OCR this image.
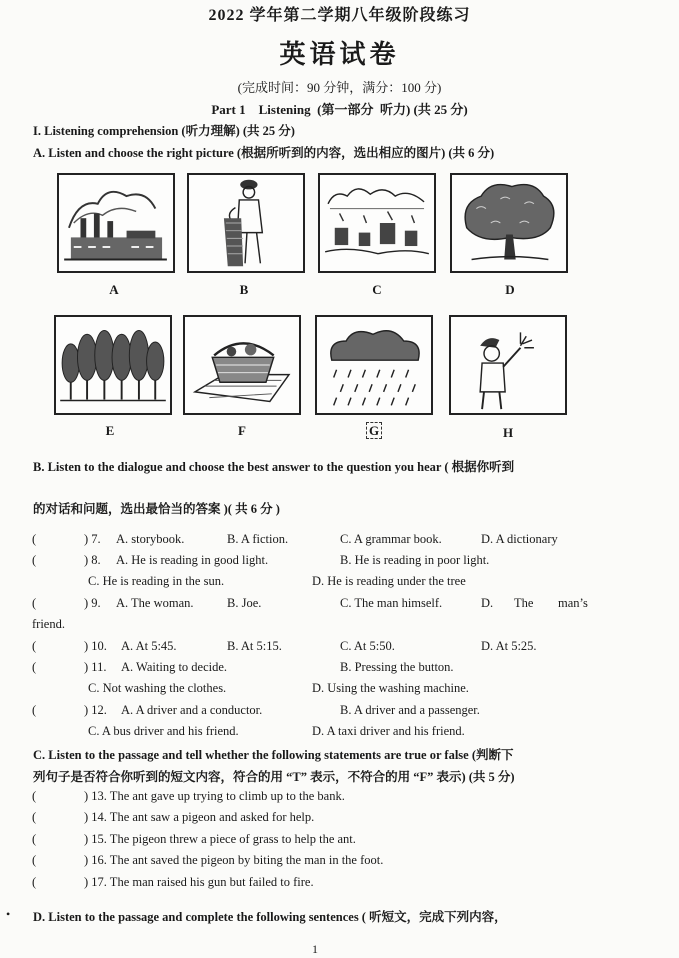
2022 学年第二学期八年级阶段练习
英语试卷
(完成时间：90 分钟，满分：100 分)
Part 1    Listening  (第一部分  听力) (共 25 分)
I. Listening comprehension (听力理解) (共 25 分)
A. Listen and choose the right picture (根据所听到的内容，选出相应的图片) (共 6 分)
A	B	C	D
E	F	G	H
B. Listen to the dialogue and choose the best answer to the question you hear ( 根据你听到
的对话和问题，选出最恰当的答案 )( 共 6 分 )
(	) 7. A. storybook.	B. A fiction.	C. A grammar book.	D. A dictionary
(	) 8. A. He is reading in good light.	B. He is reading in poor light.
C. He is reading in the sun.	D. He is reading under the tree
(	) 9. A. The woman.	B. Joe.	C. The man himself.	D. The man’s
friend.
(	) 10. A. At 5:45.	B. At 5:15.	C. At 5:50.	D. At 5:25.
(	) 11. A. Waiting to decide.	B. Pressing the button.
C. Not washing the clothes.	D. Using the washing machine.
(	) 12. A. A driver and a conductor.	B. A driver and a passenger.
C. A bus driver and his friend.	D. A taxi driver and his friend.
C. Listen to the passage and tell whether the following statements are true or false (判断下
列句子是否符合你听到的短文内容，符合的用 “T” 表示，不符合的用 “F” 表示) (共 5 分)
(	) 13. The ant gave up trying to climb up to the bank.
(	) 14. The ant saw a pigeon and asked for help.
(	) 15. The pigeon threw a piece of grass to help the ant.
(	) 16. The ant saved the pigeon by biting the man in the foot.
(	) 17. The man raised his gun but failed to fire.
• D. Listen to the passage and complete the following sentences ( 听短文，完成下列内容，
1
